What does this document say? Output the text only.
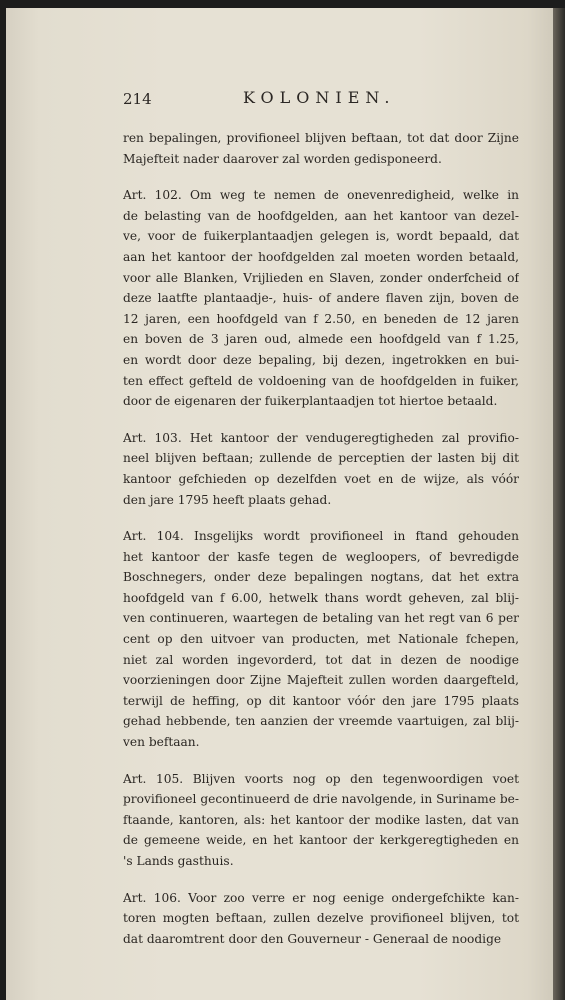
214	KOLONIEN.
ren bepalingen, provifioneel blijven beftaan, tot dat door Zijne
Majefteit nader daarover zal worden gedisponeerd.
Art. 102. Om weg te nemen de onevenredigheid, welke in
de belasting van de hoofdgelden, aan het kantoor van dezel-
ve, voor de fuikerplantaadjen gelegen is, wordt bepaald, dat
aan het kantoor der hoofdgelden zal moeten worden betaald,
voor alle Blanken, Vrijlieden en Slaven, zonder onderfcheid of
deze laatfte plantaadje-, huis- of andere flaven zijn, boven de
12 jaren, een hoofdgeld van f 2.50, en beneden de 12 jaren
en boven de 3 jaren oud, almede een hoofdgeld van f 1.25,
en wordt door deze bepaling, bij dezen, ingetrokken en bui-
ten effect gefteld de voldoening van de hoofdgelden in fuiker,
door de eigenaren der fuikerplantaadjen tot hiertoe betaald.
Art. 103. Het kantoor der vendugeregtigheden zal provifio-
neel blijven beftaan; zullende de perceptien der lasten bij dit
kantoor gefchieden op dezelfden voet en de wijze, als vóór
den jare 1795 heeft plaats gehad.
Art. 104. Insgelijks wordt provifioneel in ftand gehouden
het kantoor der kasfe tegen de wegloopers, of bevredigde
Boschnegers, onder deze bepalingen nogtans, dat het extra
hoofdgeld van f 6.00, hetwelk thans wordt geheven, zal blij-
ven continueren, waartegen de betaling van het regt van 6 per
cent op den uitvoer van producten, met Nationale fchepen,
niet zal worden ingevorderd, tot dat in dezen de noodige
voorzieningen door Zijne Majefteit zullen worden daargefteld,
terwijl de heffing, op dit kantoor vóór den jare 1795 plaats
gehad hebbende, ten aanzien der vreemde vaartuigen, zal blij-
ven beftaan.
Art. 105. Blijven voorts nog op den tegenwoordigen voet
provifioneel gecontinueerd de drie navolgende, in Suriname be-
ftaande, kantoren, als: het kantoor der modike lasten, dat van
de gemeene weide, en het kantoor der kerkgeregtigheden en
's Lands gasthuis.
Art. 106. Voor zoo verre er nog eenige ondergefchikte kan-
toren mogten beftaan, zullen dezelve provifioneel blijven, tot
dat daaromtrent door den Gouverneur - Generaal de noodige
